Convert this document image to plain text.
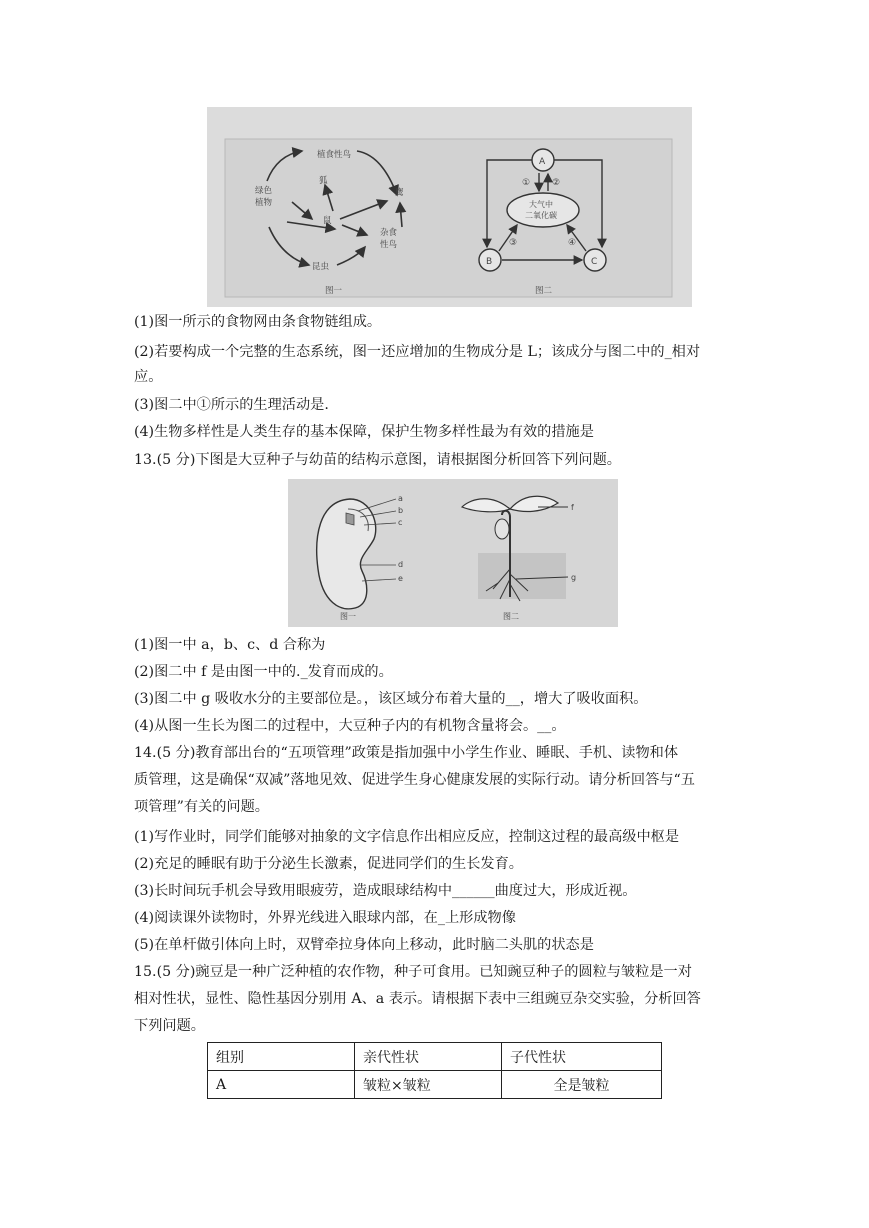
植食性鸟
狐
鹰
绿色
植物
鼠
杂食
性鸟
昆虫
图一
A
B	C
大气中
二氧化碳
① ②
③	④
图二
(1)图一所示的食物网由条食物链组成。
(2)若要构成一个完整的生态系统，图一还应增加的生物成分是 L；该成分与图二中的_相对
应。
(3)图二中①所示的生理活动是.
(4)生物多样性是人类生存的基本保障，保护生物多样性最为有效的措施是
13.(5 分)下图是大豆种子与幼苗的结构示意图，请根据图分析回答下列问题。
a
b
c
d
e
图一
f
g
图二
(1)图一中 a，b、c、d 合称为
(2)图二中 f 是由图一中的._发育而成的。
(3)图二中 g 吸收水分的主要部位是。，该区域分布着大量的__，增大了吸收面积。
(4)从图一生长为图二的过程中，大豆种子内的有机物含量将会。__。
14.(5 分)教育部出台的“五项管理”政策是指加强中小学生作业、睡眠、手机、读物和体
质管理，这是确保“双减”落地见效、促进学生身心健康发展的实际行动。请分析回答与“五
项管理”有关的问题。
(1)写作业时，同学们能够对抽象的文字信息作出相应反应，控制这过程的最高级中枢是
(2)充足的睡眠有助于分泌生长激素，促进同学们的生长发育。
(3)长时间玩手机会导致用眼疲劳，造成眼球结构中______曲度过大，形成近视。
(4)阅读课外读物时，外界光线进入眼球内部，在_上形成物像
(5)在单杆做引体向上时，双臂牵拉身体向上移动，此时脑二头肌的状态是
15.(5 分)豌豆是一种广泛种植的农作物，种子可食用。已知豌豆种子的圆粒与皱粒是一对
相对性状，显性、隐性基因分别用 A、a 表示。请根据下表中三组豌豆杂交实验，分析回答
下列问题。
组别	亲代性状	子代性状
A	皱粒×皱粒	全是皱粒
